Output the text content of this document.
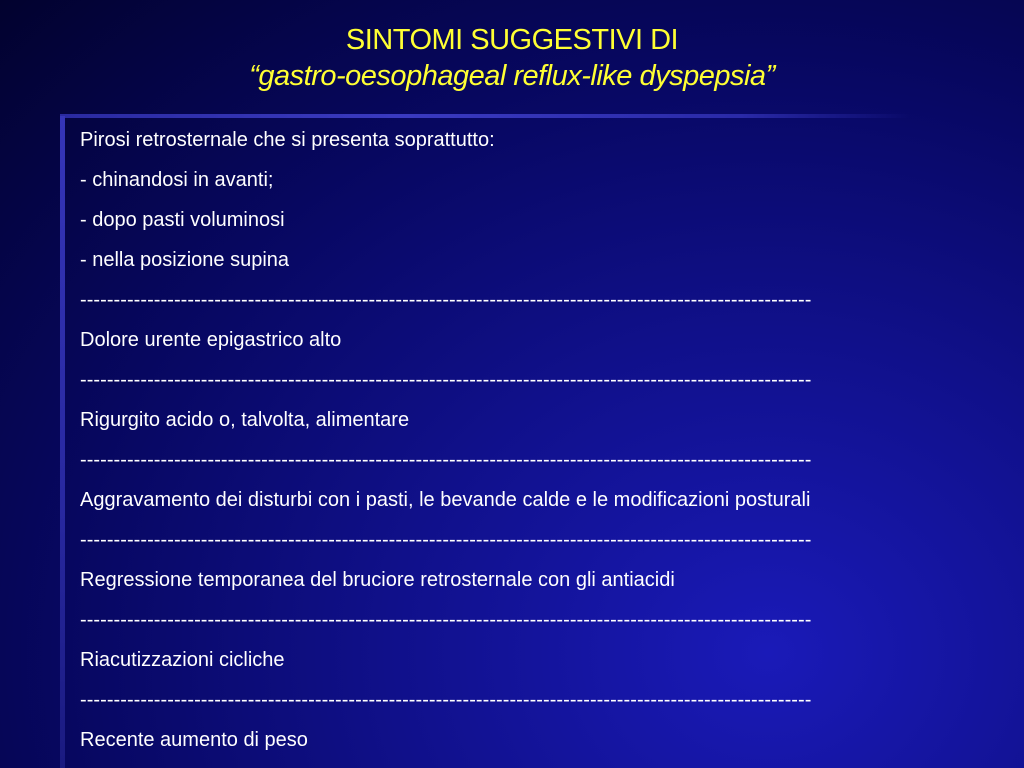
SINTOMI SUGGESTIVI DI
“gastro-oesophageal reflux-like dyspepsia”
Pirosi retrosternale che si presenta soprattutto:
- chinandosi in avanti;
- dopo pasti voluminosi
- nella posizione supina
-------------------------------------------------------------------------------------------------------------
Dolore urente epigastrico alto
-------------------------------------------------------------------------------------------------------------
Rigurgito acido o, talvolta, alimentare
-------------------------------------------------------------------------------------------------------------
Aggravamento dei disturbi con i pasti, le bevande calde e le modificazioni posturali
-------------------------------------------------------------------------------------------------------------
Regressione temporanea del bruciore retrosternale con gli antiacidi
-------------------------------------------------------------------------------------------------------------
Riacutizzazioni cicliche
-------------------------------------------------------------------------------------------------------------
Recente aumento di peso
